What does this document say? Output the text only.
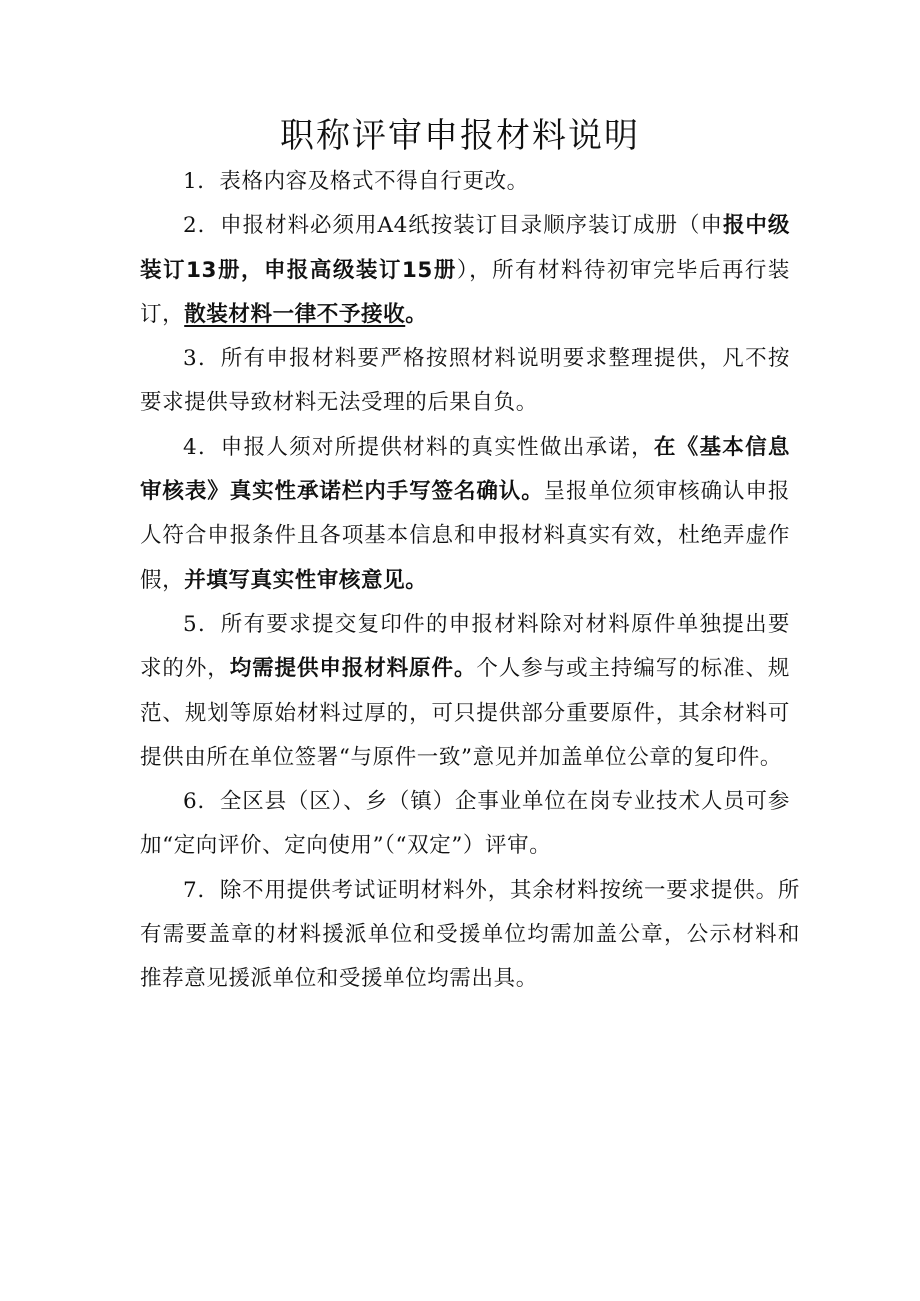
职称评审申报材料说明

1．表格内容及格式不得自行更改。

2．申报材料必须用A4纸按装订目录顺序装订成册（申报中级装订13册，申报高级装订15册），所有材料待初审完毕后再行装订，散装材料一律不予接收。

3．所有申报材料要严格按照材料说明要求整理提供，凡不按要求提供导致材料无法受理的后果自负。

4．申报人须对所提供材料的真实性做出承诺，在《基本信息审核表》真实性承诺栏内手写签名确认。呈报单位须审核确认申报人符合申报条件且各项基本信息和申报材料真实有效，杜绝弄虚作假，并填写真实性审核意见。

5．所有要求提交复印件的申报材料除对材料原件单独提出要求的外，均需提供申报材料原件。个人参与或主持编写的标准、规范、规划等原始材料过厚的，可只提供部分重要原件，其余材料可提供由所在单位签署“与原件一致”意见并加盖单位公章的复印件。

6．全区县（区）、乡（镇）企事业单位在岗专业技术人员可参加“定向评价、定向使用”（“双定”）评审。

7．除不用提供考试证明材料外，其余材料按统一要求提供。所有需要盖章的材料援派单位和受援单位均需加盖公章，公示材料和推荐意见援派单位和受援单位均需出具。
